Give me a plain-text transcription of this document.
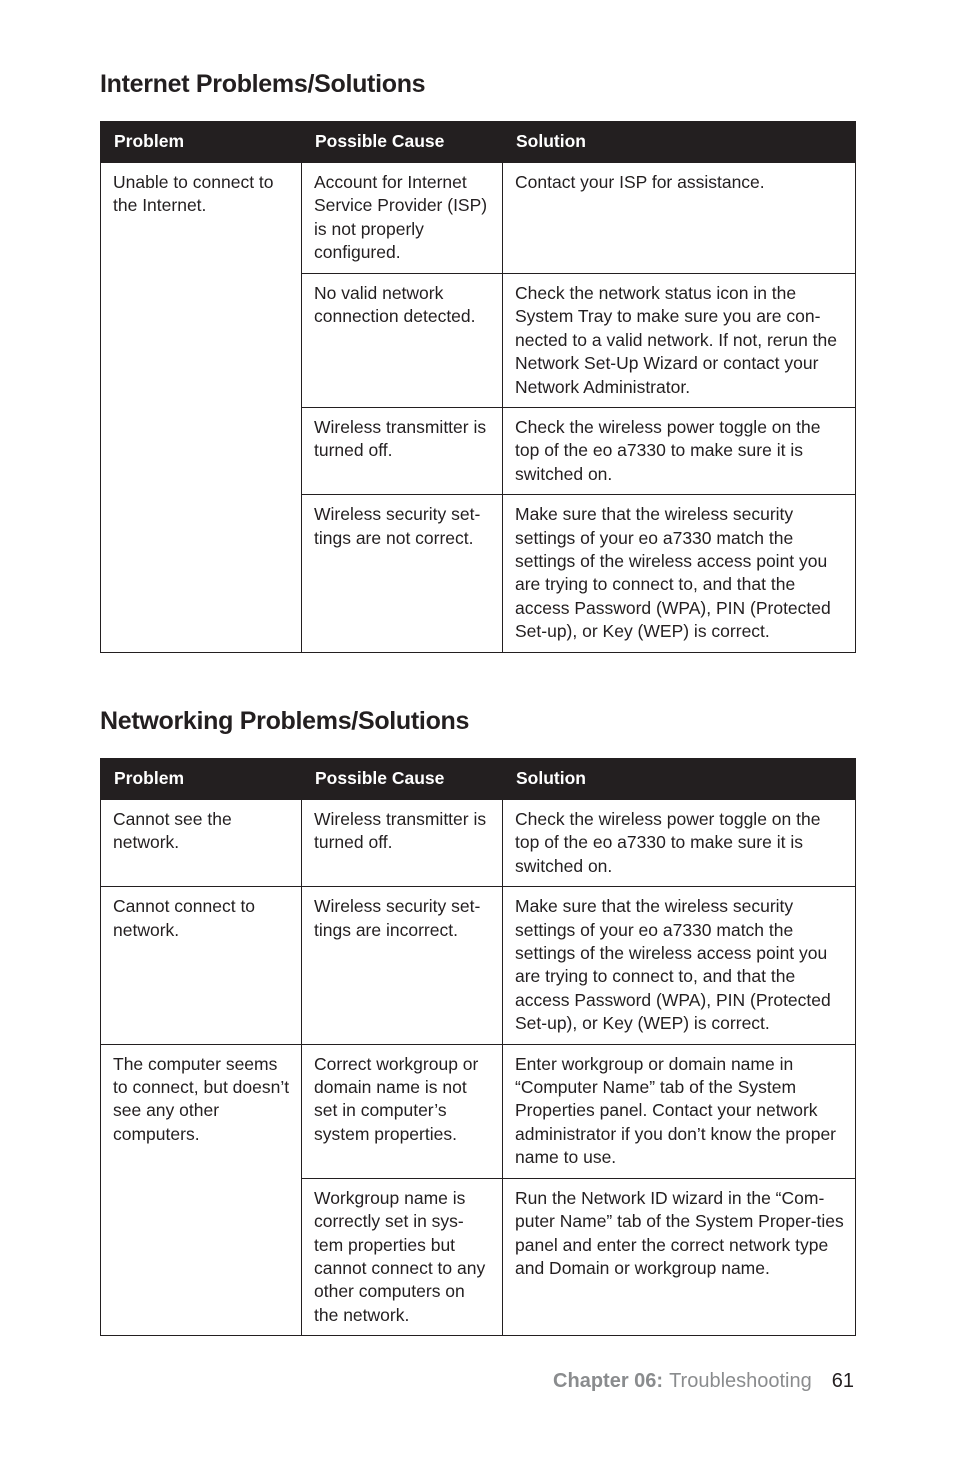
Internet Problems/Solutions
Problem	Possible Cause	Solution
Unable to connect to the Internet.	Account for Internet Service Provider (ISP) is not properly configured.	Contact your ISP for assistance.
	No valid network connection detected.	Check the network status icon in the System Tray to make sure you are con-nected to a valid network. If not, rerun the Network Set-Up Wizard or contact your Network Administrator.
	Wireless transmitter is turned off.	Check the wireless power toggle on the top of the eo a7330 to make sure it is switched on.
	Wireless security set-tings are not correct.	Make sure that the wireless security settings of your eo a7330 match the settings of the wireless access point you are trying to connect to, and that the access Password (WPA), PIN (Protected Set-up), or Key (WEP) is correct.
Networking Problems/Solutions
Problem	Possible Cause	Solution
Cannot see the network.	Wireless transmitter is turned off.	Check the wireless power toggle on the top of the eo a7330 to make sure it is switched on.
Cannot connect to network.	Wireless security set-tings are incorrect.	Make sure that the wireless security settings of your eo a7330 match the settings of the wireless access point you are trying to connect to, and that the access Password (WPA), PIN (Protected Set-up), or Key (WEP) is correct.
The computer seems to connect, but doesn’t see any other computers.	Correct workgroup or domain name is not set in computer’s system properties.	Enter workgroup or domain name in “Computer Name” tab of the System Properties panel. Contact your network administrator if you don’t know the proper name to use.
	Workgroup name is correctly set in sys-tem properties but cannot connect to any other computers on the network.	Run the Network ID wizard in the “Com-puter Name” tab of the System Proper-ties panel and enter the correct network type and Domain or workgroup name.
Chapter 06: Troubleshooting 61
